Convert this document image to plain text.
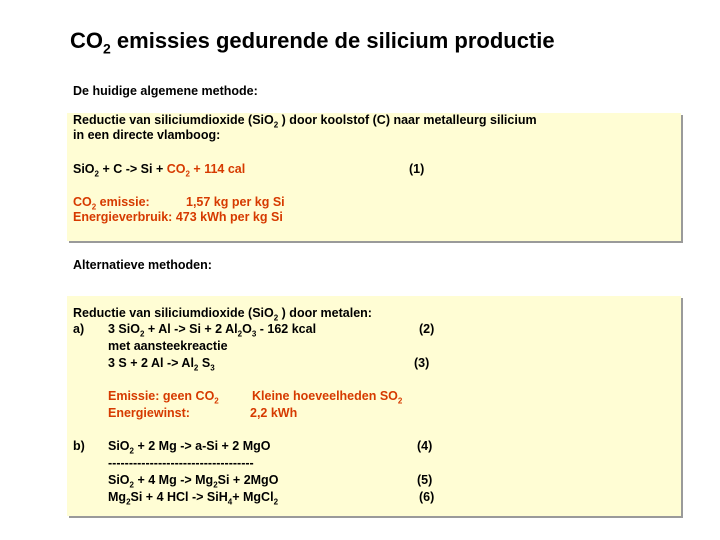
$CO_2$ emissies gedurende de silicium productie
De huidige algemene methode:
Reductie van siliciumdioxide (SiO$_2$ ) door koolstof (C) naar metalleurg silicium
in een directe vlamboog:
$SiO_2 + C -> Si + CO_2 + 114$ cal	(1)
$CO_2$ emissie:	1,57 kg per kg Si
Energieverbruik: 473 kWh per kg Si
Alternatieve methoden:
Reductie van siliciumdioxide (SiO$_2$ ) door metalen:
a) 3 SiO$_2$ + Al -> Si + 2 $Al_2O_3 - 162$ kcal	(2)
met aansteekreactie
3 S + 2 $Al -> Al_2$ $S_3$	(3)
Emissie: geen $CO_2$	Kleine hoeveelheden $SO_2$
Energiewinst:	2,2 kWh
b) SiO$_2$ + 2 Mg -> a-Si + 2 MgO	(4)
-----------------------------------
SiO$_2$ + 4 $Mg -> Mg_2Si + 2MgO$	(5)
$Mg_2Si + 4$ HCl -> SiH$_4$+ MgCl$_2$	(6)
